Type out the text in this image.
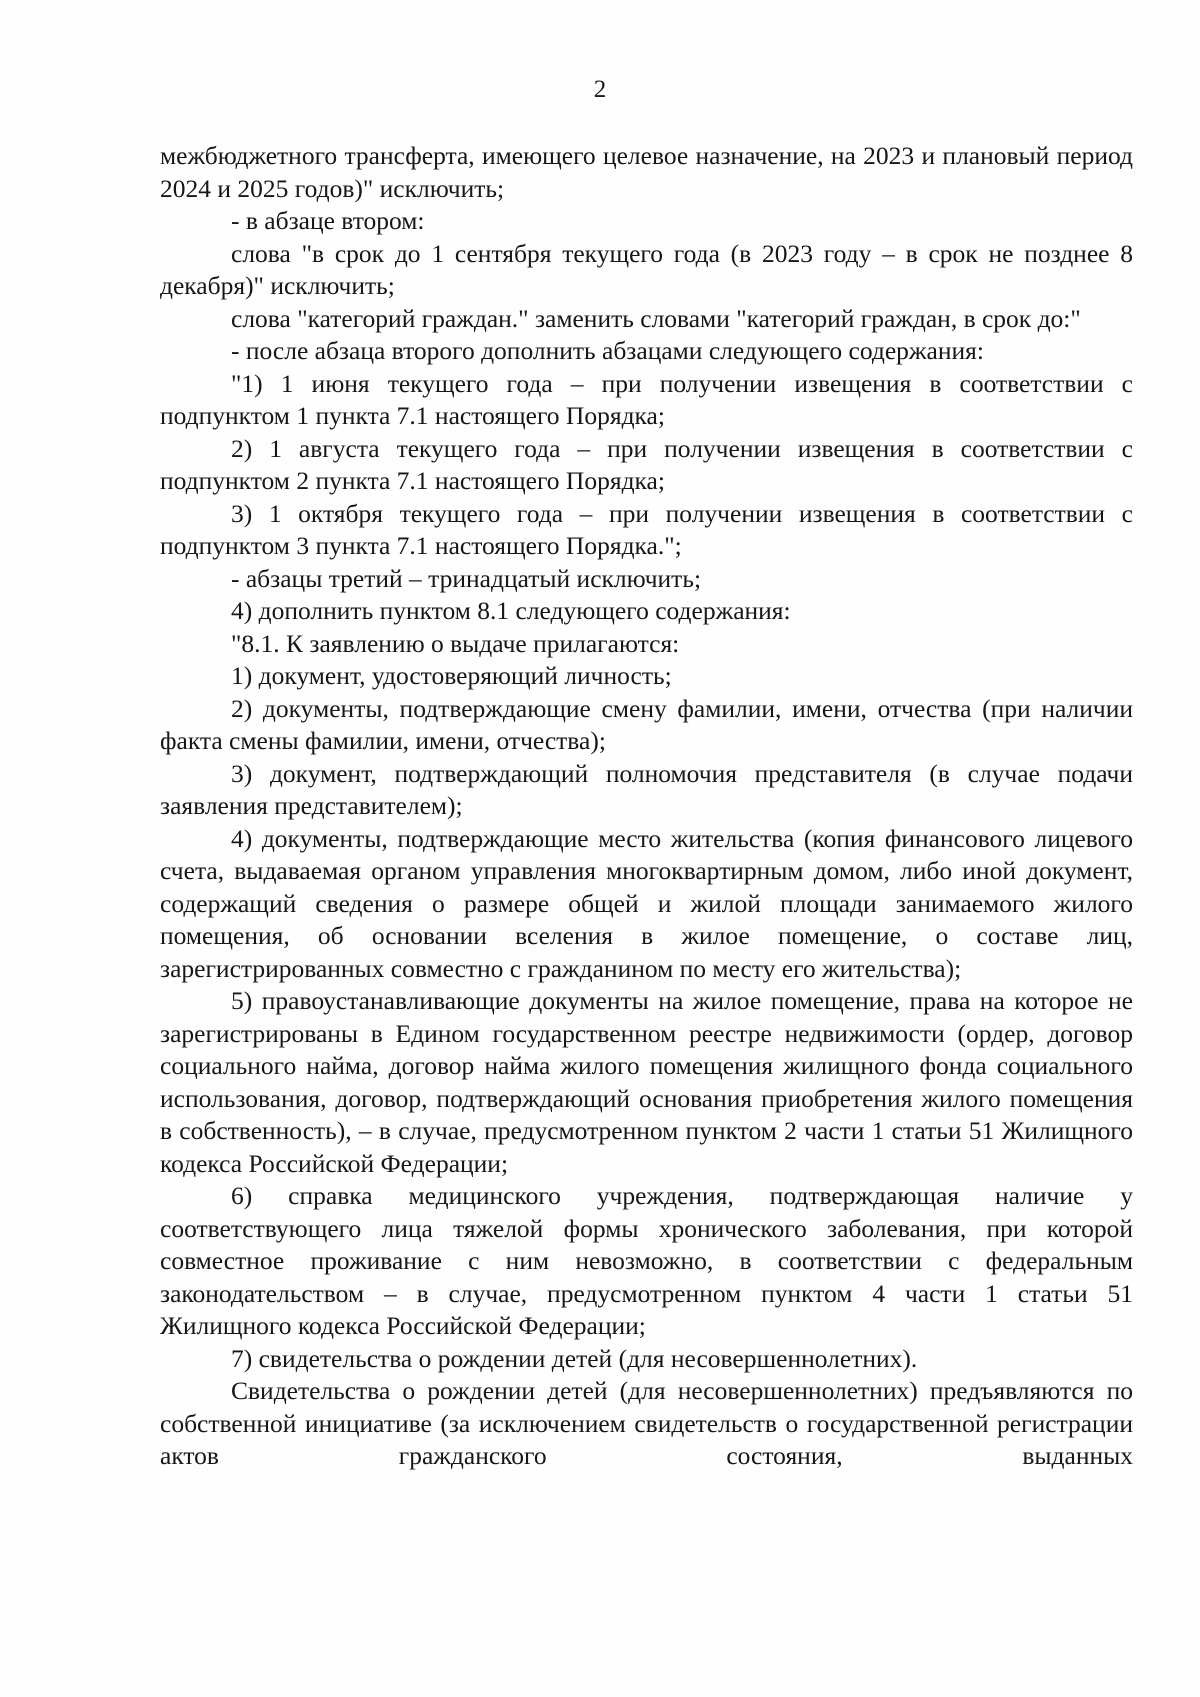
2

межбюджетного трансферта, имеющего целевое назначение, на 2023 и плановый период 2024 и 2025 годов)" исключить;

- в абзаце втором:

слова "в срок до 1 сентября текущего года (в 2023 году – в срок не позднее 8 декабря)" исключить;

слова "категорий граждан." заменить словами "категорий граждан, в срок до:"

- после абзаца второго дополнить абзацами следующего содержания:

"1) 1 июня текущего года – при получении извещения в соответствии с подпунктом 1 пункта 7.1 настоящего Порядка;

2) 1 августа текущего года – при получении извещения в соответствии с подпунктом 2 пункта 7.1 настоящего Порядка;

3) 1 октября текущего года – при получении извещения в соответствии с подпунктом 3 пункта 7.1 настоящего Порядка.";

- абзацы третий – тринадцатый исключить;

4) дополнить пунктом 8.1 следующего содержания:

"8.1. К заявлению о выдаче прилагаются:

1) документ, удостоверяющий личность;

2) документы, подтверждающие смену фамилии, имени, отчества (при наличии факта смены фамилии, имени, отчества);

3) документ, подтверждающий полномочия представителя (в случае подачи заявления представителем);

4) документы, подтверждающие место жительства (копия финансового лицевого счета, выдаваемая органом управления многоквартирным домом, либо иной документ, содержащий сведения о размере общей и жилой площади занимаемого жилого помещения, об основании вселения в жилое помещение, о составе лиц, зарегистрированных совместно с гражданином по месту его жительства);

5) правоустанавливающие документы на жилое помещение, права на которое не зарегистрированы в Едином государственном реестре недвижимости (ордер, договор социального найма, договор найма жилого помещения жилищного фонда социального использования, договор, подтверждающий основания приобретения жилого помещения в собственность), – в случае, предусмотренном пунктом 2 части 1 статьи 51 Жилищного кодекса Российской Федерации;

6) справка медицинского учреждения, подтверждающая наличие у соответствующего лица тяжелой формы хронического заболевания, при которой совместное проживание с ним невозможно, в соответствии с федеральным законодательством – в случае, предусмотренном пунктом 4 части 1 статьи 51 Жилищного кодекса Российской Федерации;

7) свидетельства о рождении детей (для несовершеннолетних).

Свидетельства о рождении детей (для несовершеннолетних) предъявляются по собственной инициативе (за исключением свидетельств о государственной регистрации актов гражданского состояния, выданных
